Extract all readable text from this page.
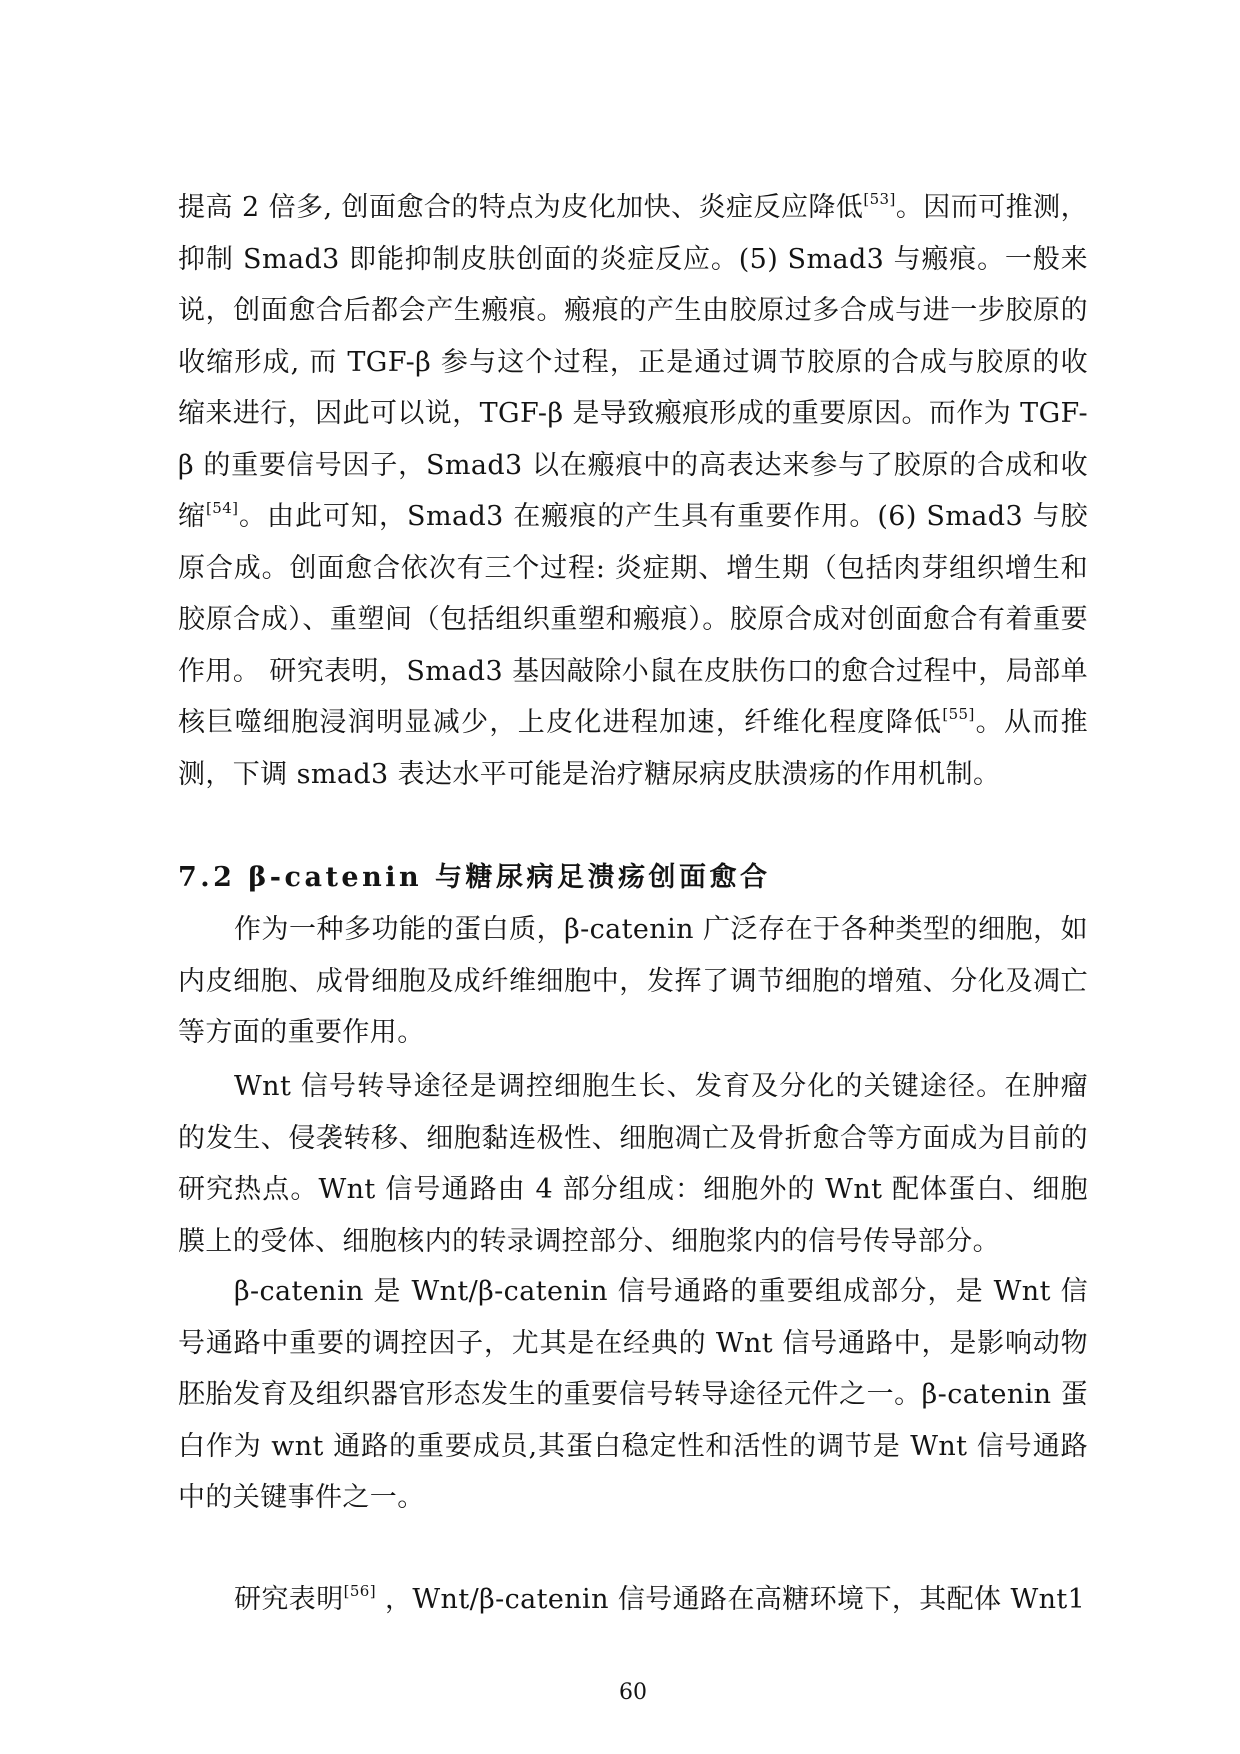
提高 2 倍多, 创面愈合的特点为皮化加快、炎症反应降低[53]。因而可推测，抑制 Smad3 即能抑制皮肤创面的炎症反应。(5) Smad3 与瘢痕。一般来说，创面愈合后都会产生瘢痕。瘢痕的产生由胶原过多合成与进一步胶原的收缩形成, 而 TGF-β 参与这个过程，正是通过调节胶原的合成与胶原的收缩来进行，因此可以说，TGF-β 是导致瘢痕形成的重要原因。而作为 TGF-β 的重要信号因子，Smad3 以在瘢痕中的高表达来参与了胶原的合成和收缩[54]。由此可知，Smad3 在瘢痕的产生具有重要作用。(6) Smad3 与胶原合成。创面愈合依次有三个过程: 炎症期、增生期（包括肉芽组织增生和胶原合成）、重塑间（包括组织重塑和瘢痕）。胶原合成对创面愈合有着重要作用。 研究表明，Smad3 基因敲除小鼠在皮肤伤口的愈合过程中，局部单核巨噬细胞浸润明显减少，上皮化进程加速，纤维化程度降低[55]。从而推测，下调 smad3 表达水平可能是治疗糖尿病皮肤溃疡的作用机制。

7.2 β-catenin 与糖尿病足溃疡创面愈合

作为一种多功能的蛋白质，β-catenin 广泛存在于各种类型的细胞，如内皮细胞、成骨细胞及成纤维细胞中，发挥了调节细胞的增殖、分化及凋亡等方面的重要作用。

Wnt 信号转导途径是调控细胞生长、发育及分化的关键途径。在肿瘤的发生、侵袭转移、细胞黏连极性、细胞凋亡及骨折愈合等方面成为目前的研究热点。Wnt 信号通路由 4 部分组成：细胞外的 Wnt 配体蛋白、细胞膜上的受体、细胞核内的转录调控部分、细胞浆内的信号传导部分。

β-catenin 是 Wnt/β-catenin 信号通路的重要组成部分，是 Wnt 信号通路中重要的调控因子，尤其是在经典的 Wnt 信号通路中，是影响动物胚胎发育及组织器官形态发生的重要信号转导途径元件之一。β-catenin 蛋白作为 wnt 通路的重要成员,其蛋白稳定性和活性的调节是 Wnt 信号通路中的关键事件之一。

研究表明[56] ，Wnt/β-catenin 信号通路在高糖环境下，其配体 Wnt1

60
